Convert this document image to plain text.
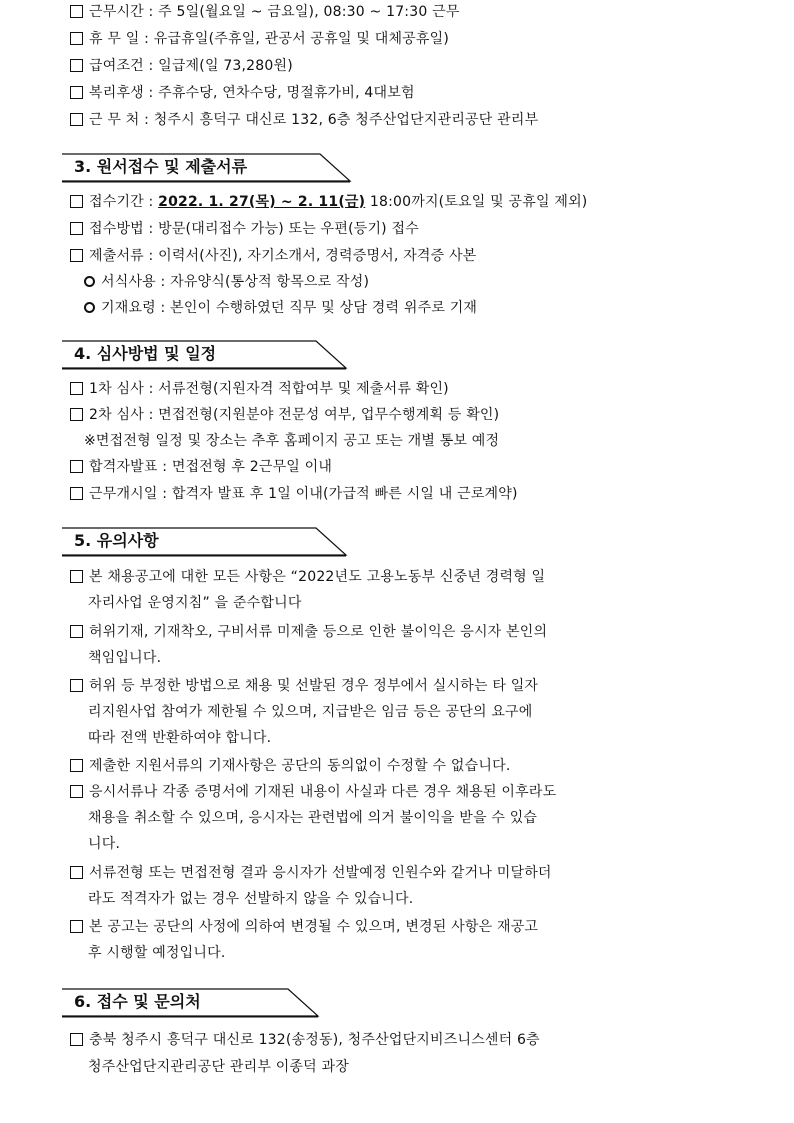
근무시간 : 주 5일(월요일 ~ 금요일), 08:30 ~ 17:30 근무
휴 무 일 : 유급휴일(주휴일, 관공서 공휴일 및 대체공휴일)
급여조건 : 일급제(일 73,280원)
복리후생 : 주휴수당, 연차수당, 명절휴가비, 4대보험
근 무 처 : 청주시 흥덕구 대신로 132, 6층 청주산업단지관리공단 관리부
3. 원서접수 및 제출서류
접수기간 : 2022. 1. 27(목) ~ 2. 11(금) 18:00까지(토요일 및 공휴일 제외)
접수방법 : 방문(대리접수 가능) 또는 우편(등기) 접수
제출서류 : 이력서(사진), 자기소개서, 경력증명서, 자격증 사본
서식사용 : 자유양식(통상적 항목으로 작성)
기재요령 : 본인이 수행하였던 직무 및 상담 경력 위주로 기재
4. 심사방법 및 일정
1차 심사 : 서류전형(지원자격 적합여부 및 제출서류 확인)
2차 심사 : 면접전형(지원분야 전문성 여부, 업무수행계획 등 확인)
※면접전형 일정 및 장소는 추후 홈페이지 공고 또는 개별 통보 예정
합격자발표 : 면접전형 후 2근무일 이내
근무개시일 : 합격자 발표 후 1일 이내(가급적 빠른 시일 내 근로계약)
5. 유의사항
본 채용공고에 대한 모든 사항은 “2022년도 고용노동부 신중년 경력형 일
자리사업 운영지침” 을 준수합니다
허위기재, 기재착오, 구비서류 미제출 등으로 인한 불이익은 응시자 본인의
책임입니다.
허위 등 부정한 방법으로 채용 및 선발된 경우 정부에서 실시하는 타 일자
리지원사업 참여가 제한될 수 있으며, 지급받은 임금 등은 공단의 요구에
따라 전액 반환하여야 합니다.
제출한 지원서류의 기재사항은 공단의 동의없이 수정할 수 없습니다.
응시서류나 각종 증명서에 기재된 내용이 사실과 다른 경우 채용된 이후라도
채용을 취소할 수 있으며, 응시자는 관련법에 의거 불이익을 받을 수 있습
니다.
서류전형 또는 면접전형 결과 응시자가 선발예정 인원수와 같거나 미달하더
라도 적격자가 없는 경우 선발하지 않을 수 있습니다.
본 공고는 공단의 사정에 의하여 변경될 수 있으며, 변경된 사항은 재공고
후 시행할 예정입니다.
6. 접수 및 문의처
충북 청주시 흥덕구 대신로 132(송정동), 청주산업단지비즈니스센터 6층
청주산업단지관리공단 관리부 이종덕 과장
